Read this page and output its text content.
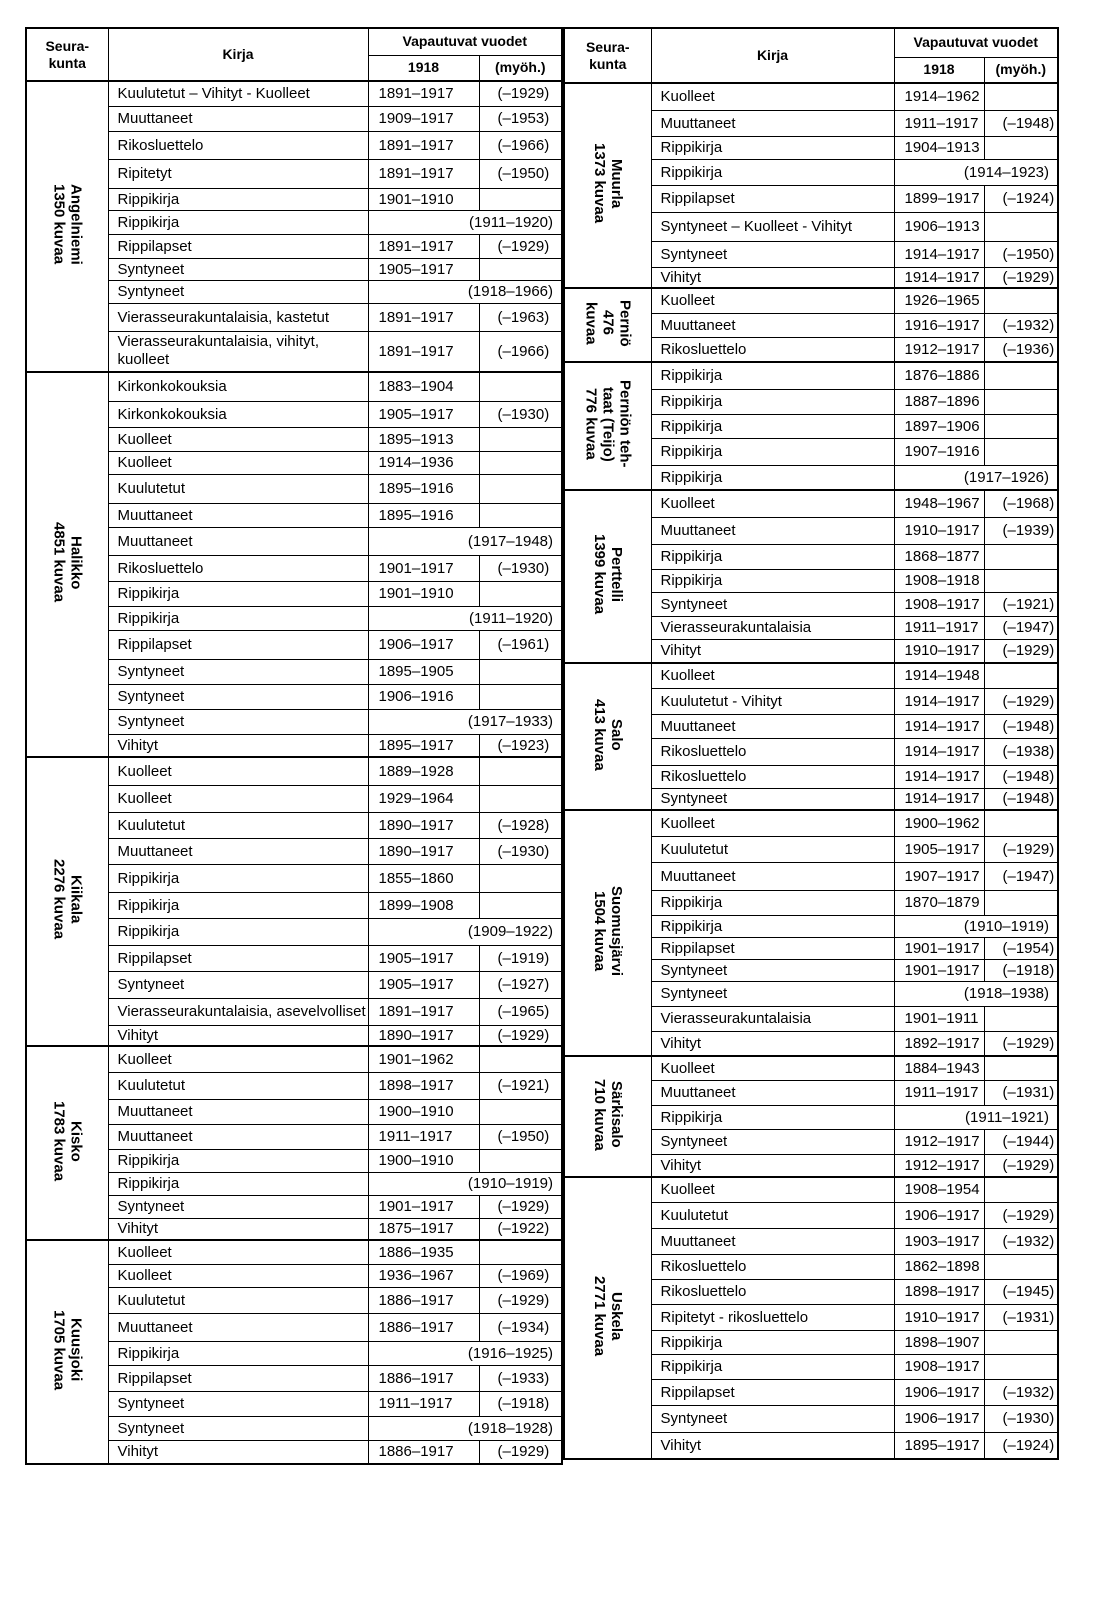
Seura-
kunta	Kirja	Vapautuvat vuodet	
		1918	(myöh.)

Angelniemi
1350 kuvaa	Kuulutetut – Vihityt - Kuolleet	1891–1917	(–1929)
	Muuttaneet	1909–1917	(–1953)
	Rikosluettelo	1891–1917	(–1966)
	Ripitetyt	1891–1917	(–1950)
	Rippikirja	1901–1910	
	Rippikirja	(1911–1920)	
	Rippilapset	1891–1917	(–1929)
	Syntyneet	1905–1917	
	Syntyneet	(1918–1966)	
	Vierasseurakuntalaisia, kastetut	1891–1917	(–1963)
	Vierasseurakuntalaisia, vihityt, kuolleet	1891–1917	(–1966)

Halikko
4851 kuvaa	Kirkonkokouksia	1883–1904	
	Kirkonkokouksia	1905–1917	(–1930)
	Kuolleet	1895–1913	
	Kuolleet	1914–1936	
	Kuulutetut	1895–1916	
	Muuttaneet	1895–1916	
	Muuttaneet	(1917–1948)	
	Rikosluettelo	1901–1917	(–1930)
	Rippikirja	1901–1910	
	Rippikirja	(1911–1920)	
	Rippilapset	1906–1917	(–1961)
	Syntyneet	1895–1905	
	Syntyneet	1906–1916	
	Syntyneet	(1917–1933)	
	Vihityt	1895–1917	(–1923)

Kiikala
2276 kuvaa	Kuolleet	1889–1928	
	Kuolleet	1929–1964	
	Kuulutetut	1890–1917	(–1928)
	Muuttaneet	1890–1917	(–1930)
	Rippikirja	1855–1860	
	Rippikirja	1899–1908	
	Rippikirja	(1909–1922)	
	Rippilapset	1905–1917	(–1919)
	Syntyneet	1905–1917	(–1927)
	Vierasseurakuntalaisia, asevelvolliset	1891–1917	(–1965)
	Vihityt	1890–1917	(–1929)

Kisko
1783 kuvaa	Kuolleet	1901–1962	
	Kuulutetut	1898–1917	(–1921)
	Muuttaneet	1900–1910	
	Muuttaneet	1911–1917	(–1950)
	Rippikirja	1900–1910	
	Rippikirja	(1910–1919)	
	Syntyneet	1901–1917	(–1929)
	Vihityt	1875–1917	(–1922)

Kuusjoki
1705 kuvaa	Kuolleet	1886–1935	
	Kuolleet	1936–1967	(–1969)
	Kuulutetut	1886–1917	(–1929)
	Muuttaneet	1886–1917	(–1934)
	Rippikirja	(1916–1925)	
	Rippilapset	1886–1917	(–1933)
	Syntyneet	1911–1917	(–1918)
	Syntyneet	(1918–1928)	
	Vihityt	1886–1917	(–1929)
Seura-
kunta	Kirja	Vapautuvat vuodet	
		1918	(myöh.)

Muurla
1373 kuvaa	Kuolleet	1914–1962	
	Muuttaneet	1911–1917	(–1948)
	Rippikirja	1904–1913	
	Rippikirja	(1914–1923)	
	Rippilapset	1899–1917	(–1924)
	Syntyneet – Kuolleet - Vihityt	1906–1913	
	Syntyneet	1914–1917	(–1950)
	Vihityt	1914–1917	(–1929)

Perniö
476
kuvaa	Kuolleet	1926–1965	
	Muuttaneet	1916–1917	(–1932)
	Rikosluettelo	1912–1917	(–1936)

Perniön teh-
taat (Teijo)
776 kuvaa	Rippikirja	1876–1886	
	Rippikirja	1887–1896	
	Rippikirja	1897–1906	
	Rippikirja	1907–1916	
	Rippikirja	(1917–1926)	

Perttelli
1399 kuvaa	Kuolleet	1948–1967	(–1968)
	Muuttaneet	1910–1917	(–1939)
	Rippikirja	1868–1877	
	Rippikirja	1908–1918	
	Syntyneet	1908–1917	(–1921)
	Vierasseurakuntalaisia	1911–1917	(–1947)
	Vihityt	1910–1917	(–1929)

Salo
413 kuvaa	Kuolleet	1914–1948	
	Kuulutetut - Vihityt	1914–1917	(–1929)
	Muuttaneet	1914–1917	(–1948)
	Rikosluettelo	1914–1917	(–1938)
	Rikosluettelo	1914–1917	(–1948)
	Syntyneet	1914–1917	(–1948)

Suomusjärvi
1504 kuvaa	Kuolleet	1900–1962	
	Kuulutetut	1905–1917	(–1929)
	Muuttaneet	1907–1917	(–1947)
	Rippikirja	1870–1879	
	Rippikirja	(1910–1919)	
	Rippilapset	1901–1917	(–1954)
	Syntyneet	1901–1917	(–1918)
	Syntyneet	(1918–1938)	
	Vierasseurakuntalaisia	1901–1911	
	Vihityt	1892–1917	(–1929)

Särkisalo
710 kuvaa	Kuolleet	1884–1943	
	Muuttaneet	1911–1917	(–1931)
	Rippikirja	(1911–1921)	
	Syntyneet	1912–1917	(–1944)
	Vihityt	1912–1917	(–1929)

Uskela
2771 kuvaa	Kuolleet	1908–1954	
	Kuulutetut	1906–1917	(–1929)
	Muuttaneet	1903–1917	(–1932)
	Rikosluettelo	1862–1898	
	Rikosluettelo	1898–1917	(–1945)
	Ripitetyt - rikosluettelo	1910–1917	(–1931)
	Rippikirja	1898–1907	
	Rippikirja	1908–1917	
	Rippilapset	1906–1917	(–1932)
	Syntyneet	1906–1917	(–1930)
	Vihityt	1895–1917	(–1924)
